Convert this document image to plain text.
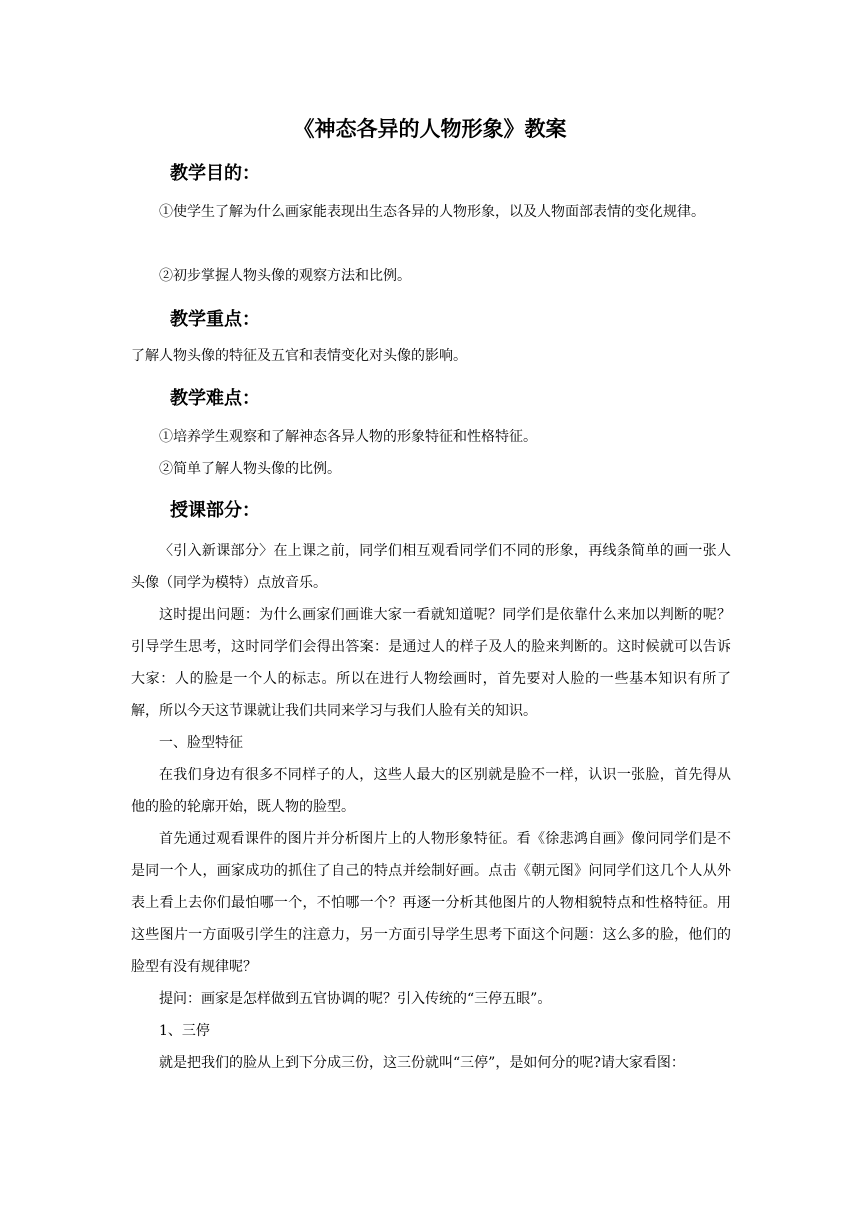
《神态各异的人物形象》教案
教学目的：
①使学生了解为什么画家能表现出生态各异的人物形象，以及人物面部表情的变化规律。
②初步掌握人物头像的观察方法和比例。
教学重点：
了解人物头像的特征及五官和表情变化对头像的影响。
教学难点：
①培养学生观察和了解神态各异人物的形象特征和性格特征。
②简单了解人物头像的比例。
授课部分：
〈引入新课部分〉在上课之前，同学们相互观看同学们不同的形象，再线条简单的画一张人头像（同学为模特）点放音乐。
这时提出问题：为什么画家们画谁大家一看就知道呢？同学们是依靠什么来加以判断的呢？引导学生思考，这时同学们会得出答案：是通过人的样子及人的脸来判断的。这时候就可以告诉大家：人的脸是一个人的标志。所以在进行人物绘画时，首先要对人脸的一些基本知识有所了解，所以今天这节课就让我们共同来学习与我们人脸有关的知识。
一、脸型特征
在我们身边有很多不同样子的人，这些人最大的区别就是脸不一样，认识一张脸，首先得从他的脸的轮廓开始，既人物的脸型。
首先通过观看课件的图片并分析图片上的人物形象特征。看《徐悲鸿自画》像问同学们是不是同一个人，画家成功的抓住了自己的特点并绘制好画。点击《朝元图》问同学们这几个人从外表上看上去你们最怕哪一个，不怕哪一个？再逐一分析其他图片的人物相貌特点和性格特征。用这些图片一方面吸引学生的注意力，另一方面引导学生思考下面这个问题：这么多的脸，他们的脸型有没有规律呢？
提问：画家是怎样做到五官协调的呢？引入传统的“三停五眼”。
1、三停
就是把我们的脸从上到下分成三份，这三份就叫“三停”，是如何分的呢?请大家看图：
